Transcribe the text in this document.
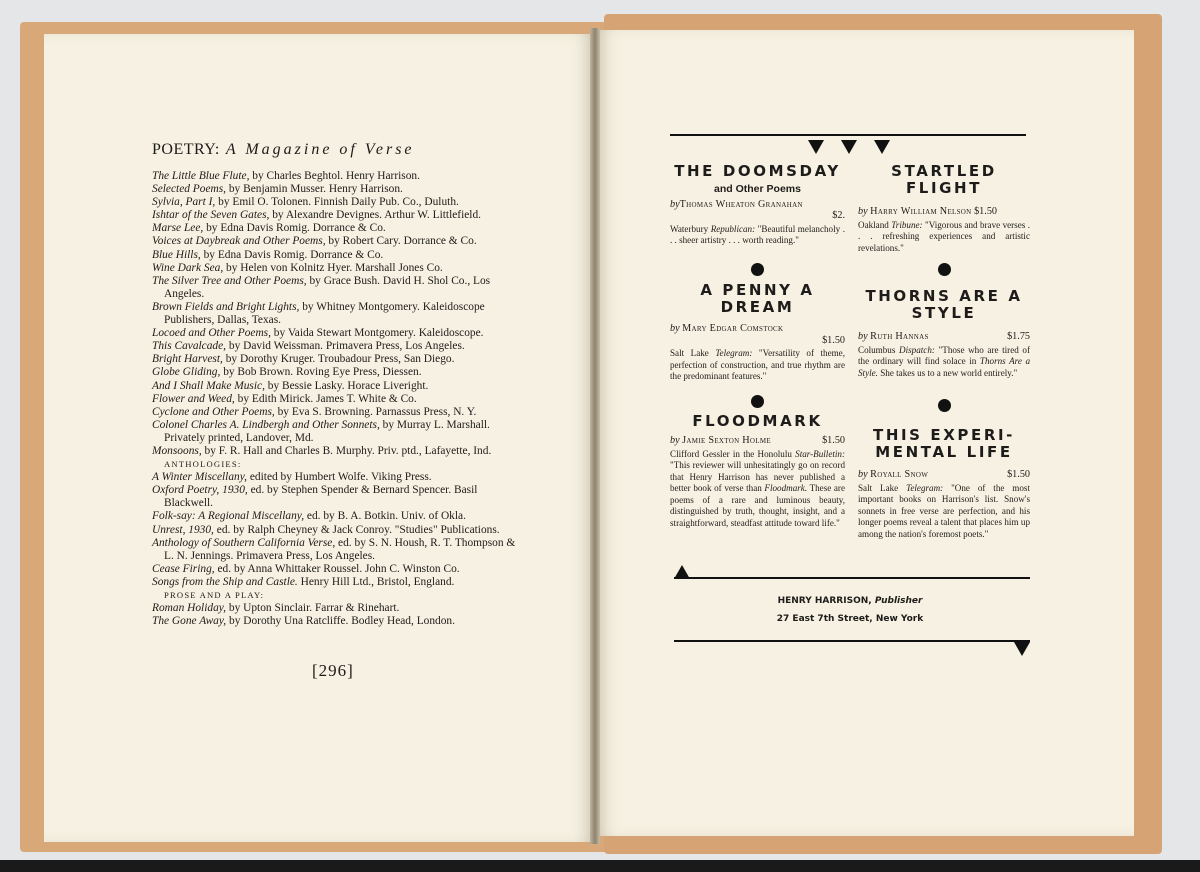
POETRY: A Magazine of Verse
The Little Blue Flute, by Charles Beghtol. Henry Harrison.
Selected Poems, by Benjamin Musser. Henry Harrison.
Sylvia, Part I, by Emil O. Tolonen. Finnish Daily Pub. Co., Duluth.
Ishtar of the Seven Gates, by Alexandre Devignes. Arthur W. Littlefield.
Marse Lee, by Edna Davis Romig. Dorrance & Co.
Voices at Daybreak and Other Poems, by Robert Cary. Dorrance & Co.
Blue Hills, by Edna Davis Romig. Dorrance & Co.
Wine Dark Sea, by Helen von Kolnitz Hyer. Marshall Jones Co.
The Silver Tree and Other Poems, by Grace Bush. David H. Shol Co., Los Angeles.
Brown Fields and Bright Lights, by Whitney Montgomery. Kaleidoscope Publishers, Dallas, Texas.
Locoed and Other Poems, by Vaida Stewart Montgomery. Kaleidoscope.
This Cavalcade, by David Weissman. Primavera Press, Los Angeles.
Bright Harvest, by Dorothy Kruger. Troubadour Press, San Diego.
Globe Gliding, by Bob Brown. Roving Eye Press, Diessen.
And I Shall Make Music, by Bessie Lasky. Horace Liveright.
Flower and Weed, by Edith Mirick. James T. White & Co.
Cyclone and Other Poems, by Eva S. Browning. Parnassus Press, N. Y.
Colonel Charles A. Lindbergh and Other Sonnets, by Murray L. Marshall. Privately printed, Landover, Md.
Monsoons, by F. R. Hall and Charles B. Murphy. Priv. ptd., Lafayette, Ind.
ANTHOLOGIES:
A Winter Miscellany, edited by Humbert Wolfe. Viking Press.
Oxford Poetry, 1930, ed. by Stephen Spender & Bernard Spencer. Basil Blackwell.
Folk-say: A Regional Miscellany, ed. by B. A. Botkin. Univ. of Okla.
Unrest, 1930, ed. by Ralph Cheyney & Jack Conroy. "Studies" Publications.
Anthology of Southern California Verse, ed. by S. N. Housh, R. T. Thompson & L. N. Jennings. Primavera Press, Los Angeles.
Cease Firing, ed. by Anna Whittaker Roussel. John C. Winston Co.
Songs from the Ship and Castle. Henry Hill Ltd., Bristol, England.
PROSE AND A PLAY:
Roman Holiday, by Upton Sinclair. Farrar & Rinehart.
The Gone Away, by Dorothy Una Ratcliffe. Bodley Head, London.
[296]
THE DOOMSDAY
and Other Poems
byThomas Wheaton Granahan
$2.
Waterbury Republican: "Beautiful melancholy . . . sheer artistry . . . worth reading."
A PENNY A DREAM
by Mary Edgar Comstock
$1.50
Salt Lake Telegram: "Versatility of theme, perfection of construction, and true rhythm are the predominant features."
FLOODMARK
by Jamie Sexton Holme	$1.50
Clifford Gessler in the Honolulu Star-Bulletin: "This reviewer will unhesitatingly go on record that Henry Harrison has never published a better book of verse than Floodmark. These are poems of a rare and luminous beauty, distinguished by truth, thought, insight, and a straightforward, steadfast attitude toward life."
STARTLED FLIGHT
by Harry William Nelson $1.50
Oakland Tribune: "Vigorous and brave verses . . . refreshing experiences and artistic revelations."
THORNS ARE A STYLE
by Ruth Hannas	$1.75
Columbus Dispatch: "Those who are tired of the ordinary will find solace in Thorns Are a Style. She takes us to a new world entirely."
THIS EXPERI-MENTAL LIFE
by Royall Snow	$1.50
Salt Lake Telegram: "One of the most important books on Harrison's list. Snow's sonnets in free verse are perfection, and his longer poems reveal a talent that places him up among the nation's foremost poets."
HENRY HARRISON, Publisher
27 East 7th Street, New York
